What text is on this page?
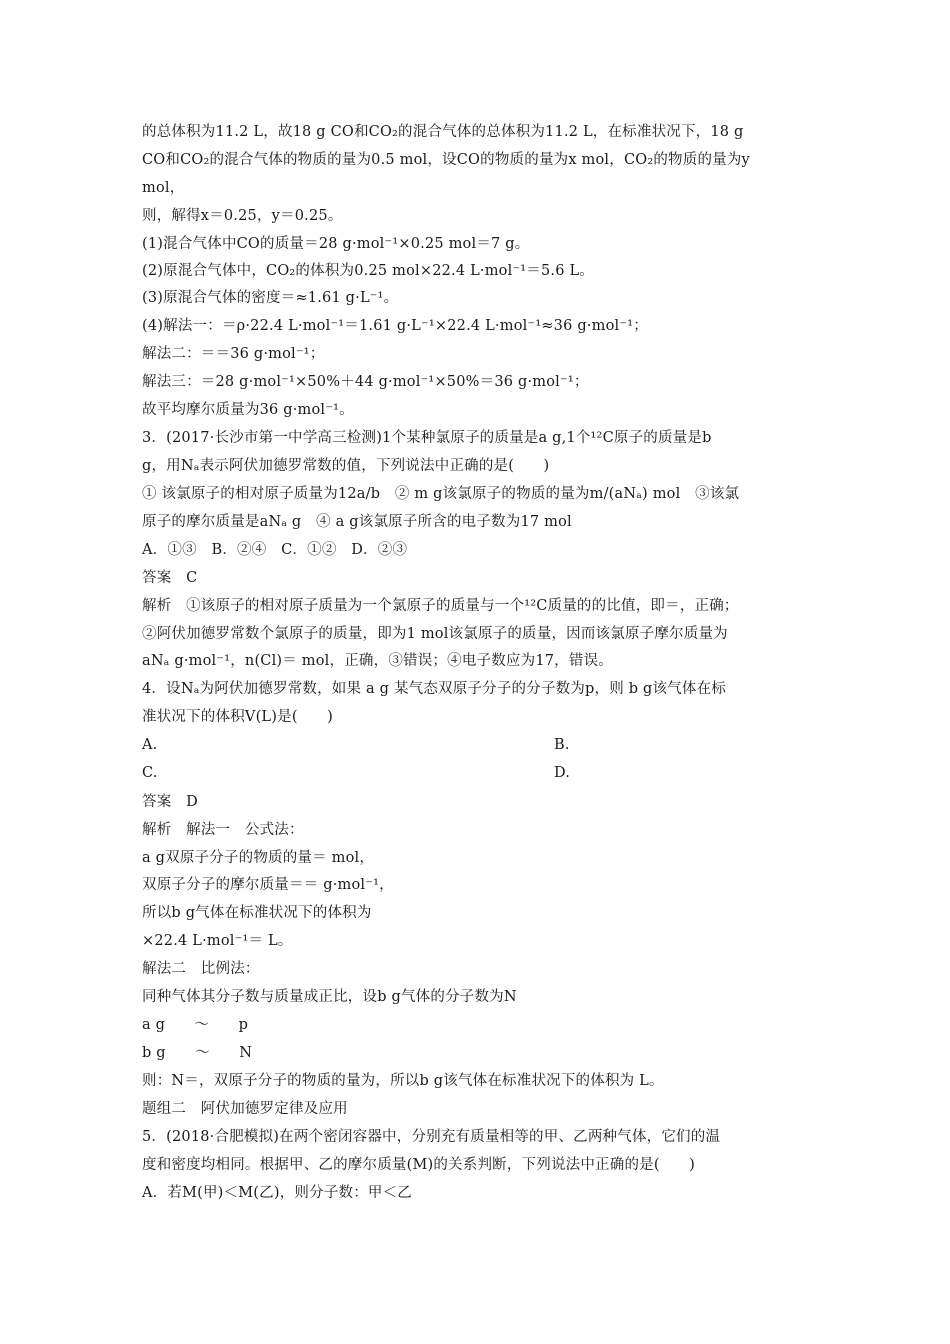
的总体积为11.2 L，故18 g CO和CO₂的混合气体的总体积为11.2 L，在标准状况下，18 g
CO和CO₂的混合气体的物质的量为0.5 mol，设CO的物质的量为x mol，CO₂的物质的量为y
mol，
则，解得x＝0.25，y＝0.25。
(1)混合气体中CO的质量＝28 g·mol⁻¹×0.25 mol＝7 g。
(2)原混合气体中，CO₂的体积为0.25 mol×22.4 L·mol⁻¹＝5.6 L。
(3)原混合气体的密度＝≈1.61 g·L⁻¹。
(4)解法一：＝ρ·22.4 L·mol⁻¹＝1.61 g·L⁻¹×22.4 L·mol⁻¹≈36 g·mol⁻¹；
解法二：＝＝36 g·mol⁻¹；
解法三：＝28 g·mol⁻¹×50%＋44 g·mol⁻¹×50%＝36 g·mol⁻¹；
故平均摩尔质量为36 g·mol⁻¹。
3．(2017·长沙市第一中学高三检测)1个某种氯原子的质量是a g,1个¹²C原子的质量是b
g，用Nₐ表示阿伏加德罗常数的值，下列说法中正确的是(　　)
① 该氯原子的相对原子质量为12a/b　② m g该氯原子的物质的量为m/(aNₐ) mol　③该氯
原子的摩尔质量是aNₐ g　④ a g该氯原子所含的电子数为17 mol
A．①③　B．②④　C．①②　D．②③
答案　C
解析　①该原子的相对原子质量为一个氯原子的质量与一个¹²C质量的的比值，即＝，正确；
②阿伏加德罗常数个氯原子的质量，即为1 mol该氯原子的质量，因而该氯原子摩尔质量为
aNₐ g·mol⁻¹，n(Cl)＝ mol，正确，③错误；④电子数应为17，错误。
4．设Nₐ为阿伏加德罗常数，如果 a g 某气态双原子分子的分子数为p，则 b g该气体在标
准状况下的体积V(L)是(　　)
答案　D
解析　解法一　公式法：
a g双原子分子的物质的量＝ mol，
双原子分子的摩尔质量＝＝ g·mol⁻¹，
所以b g气体在标准状况下的体积为
×22.4 L·mol⁻¹＝ L。
解法二　比例法：
同种气体其分子数与质量成正比，设b g气体的分子数为N
a g　　～　　p
b g　　～　　N
则：N＝，双原子分子的物质的量为，所以b g该气体在标准状况下的体积为 L。
题组二　阿伏加德罗定律及应用
5．(2018·合肥模拟)在两个密闭容器中，分别充有质量相等的甲、乙两种气体，它们的温
度和密度均相同。根据甲、乙的摩尔质量(M)的关系判断，下列说法中正确的是(　　)
A．若M(甲)＜M(乙)，则分子数：甲＜乙
A.	B.
C.	D.
